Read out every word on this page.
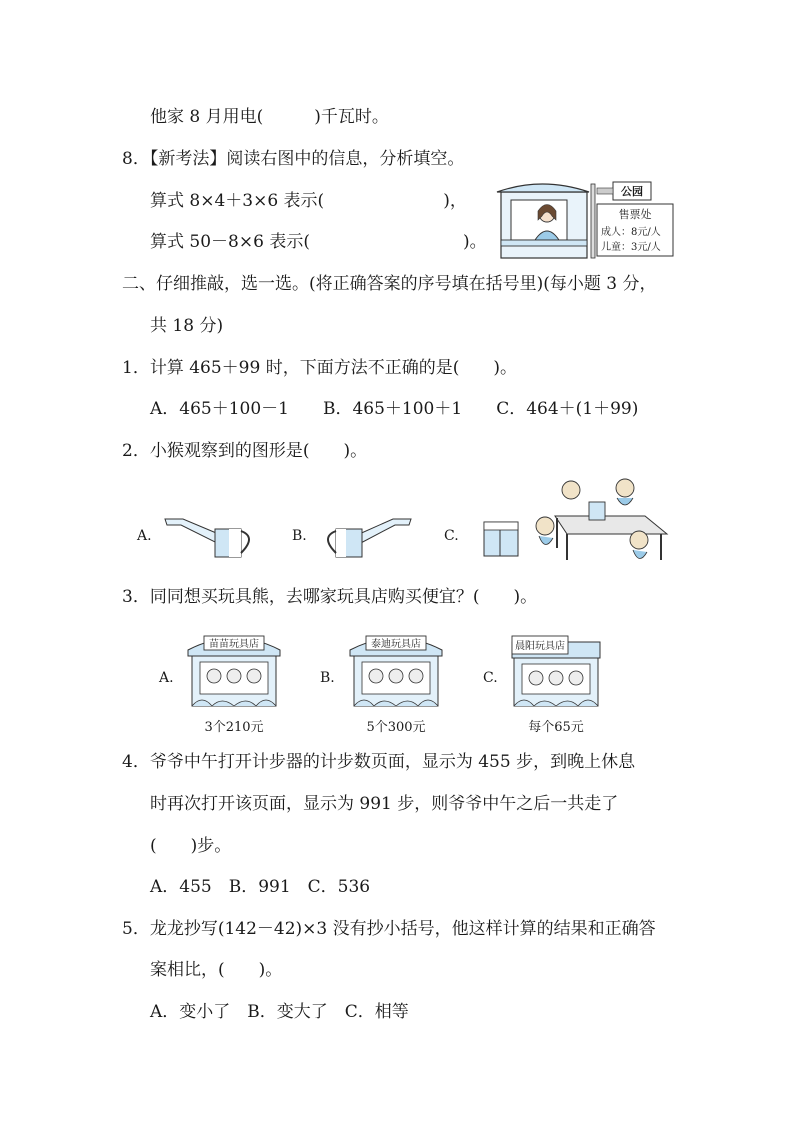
他家 8 月用电(　　　)千瓦时。
8．【新考法】阅读右图中的信息，分析填空。
算式 8×4＋3×6 表示(　　　　　　　)，
算式 50－8×6 表示(　　　　　　　　　)。
公园
售票处
成人：8元/人
儿童：3元/人
二、仔细推敲，选一选。(将正确答案的序号填在括号里)(每小题 3 分，
共 18 分)
1．计算 465＋99 时，下面方法不正确的是(　　)。
A．465＋100－1　　B．465＋100＋1　　C．464＋(1＋99)
2．小猴观察到的图形是(　　)。
A.	B.	C.
3．同同想买玩具熊，去哪家玩具店购买便宜？(　　)。
A.
苗苗玩具店
3个210元
B.
泰迪玩具店
5个300元
C.
晨阳玩具店
每个65元
4．爷爷中午打开计步器的计步数页面，显示为 455 步，到晚上休息
时再次打开该页面，显示为 991 步，则爷爷中午之后一共走了
(　　)步。
A．455　B．991　C．536
5．龙龙抄写(142－42)×3 没有抄小括号，他这样计算的结果和正确答
案相比，(　　)。
A．变小了　B．变大了　C．相等
